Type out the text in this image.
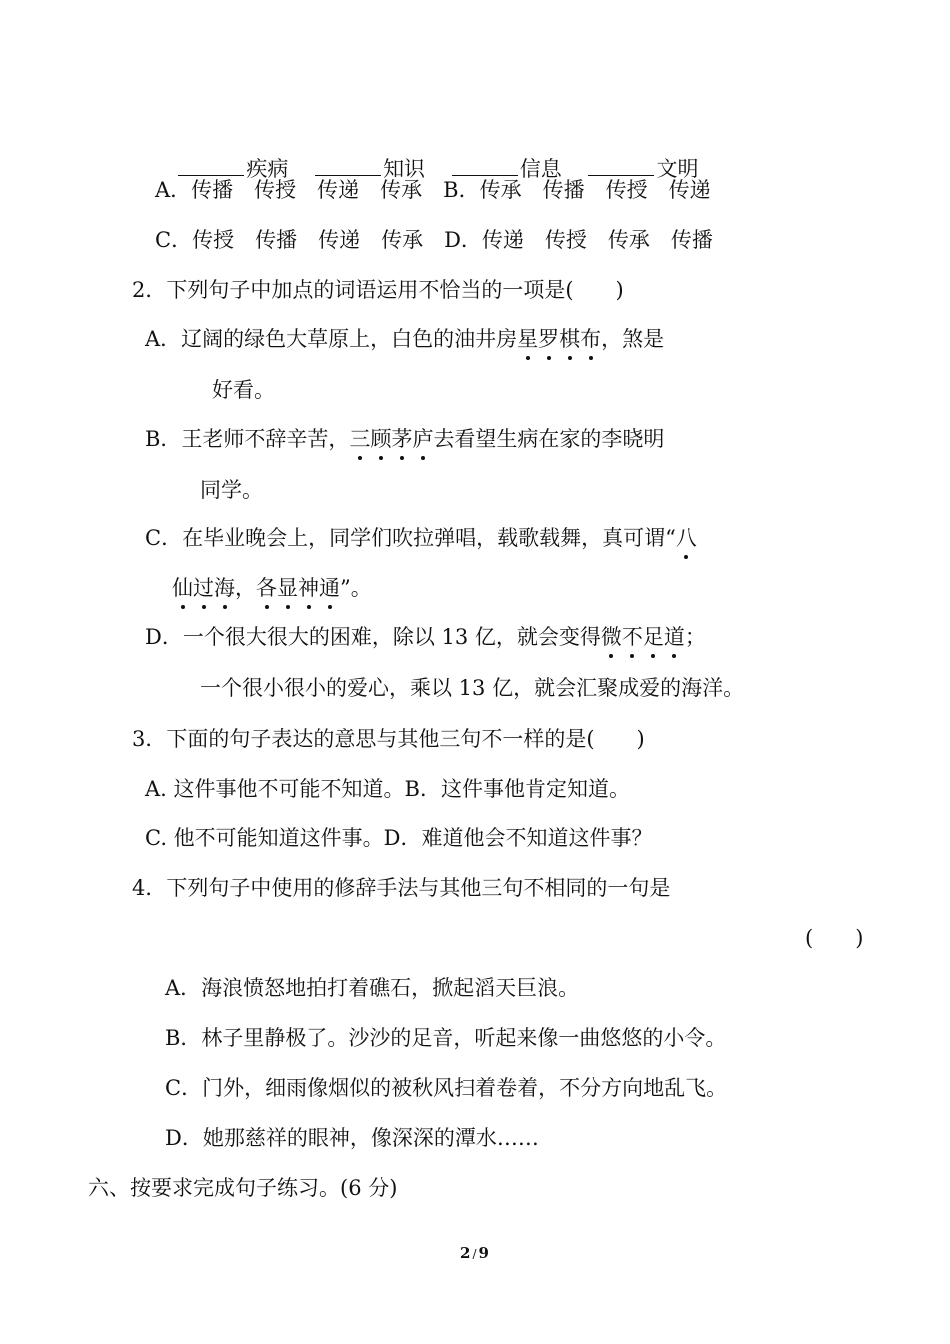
疾病	知识	信息	文明

A．传播　传授　传递　传承　B．传承　传播　传授　传递
C．传授　传播　传递　传承　D．传递　传授　传承　传播
2．下列句子中加点的词语运用不恰当的一项是(　　)
A．辽阔的绿色大草原上，白色的油井房星罗棋布，煞是
好看。
B．王老师不辞辛苦，三顾茅庐去看望生病在家的李晓明
同学。
C．在毕业晚会上，同学们吹拉弹唱，载歌载舞，真可谓“八
仙过海，各显神通”。
D．一个很大很大的困难，除以 13 亿，就会变得微不足道；
一个很小很小的爱心，乘以 13 亿，就会汇聚成爱的海洋。
3．下面的句子表达的意思与其他三句不一样的是(　　)
A. 这件事他不可能不知道。B．这件事他肯定知道。
C. 他不可能知道这件事。D．难道他会不知道这件事？
4．下列句子中使用的修辞手法与其他三句不相同的一句是
(　　)
A．海浪愤怒地拍打着礁石，掀起滔天巨浪。
B．林子里静极了。沙沙的足音，听起来像一曲悠悠的小令。
C．门外，细雨像烟似的被秋风扫着卷着，不分方向地乱飞。
D．她那慈祥的眼神，像深深的潭水……
六、按要求完成句子练习。(6 分)
2 / 9
